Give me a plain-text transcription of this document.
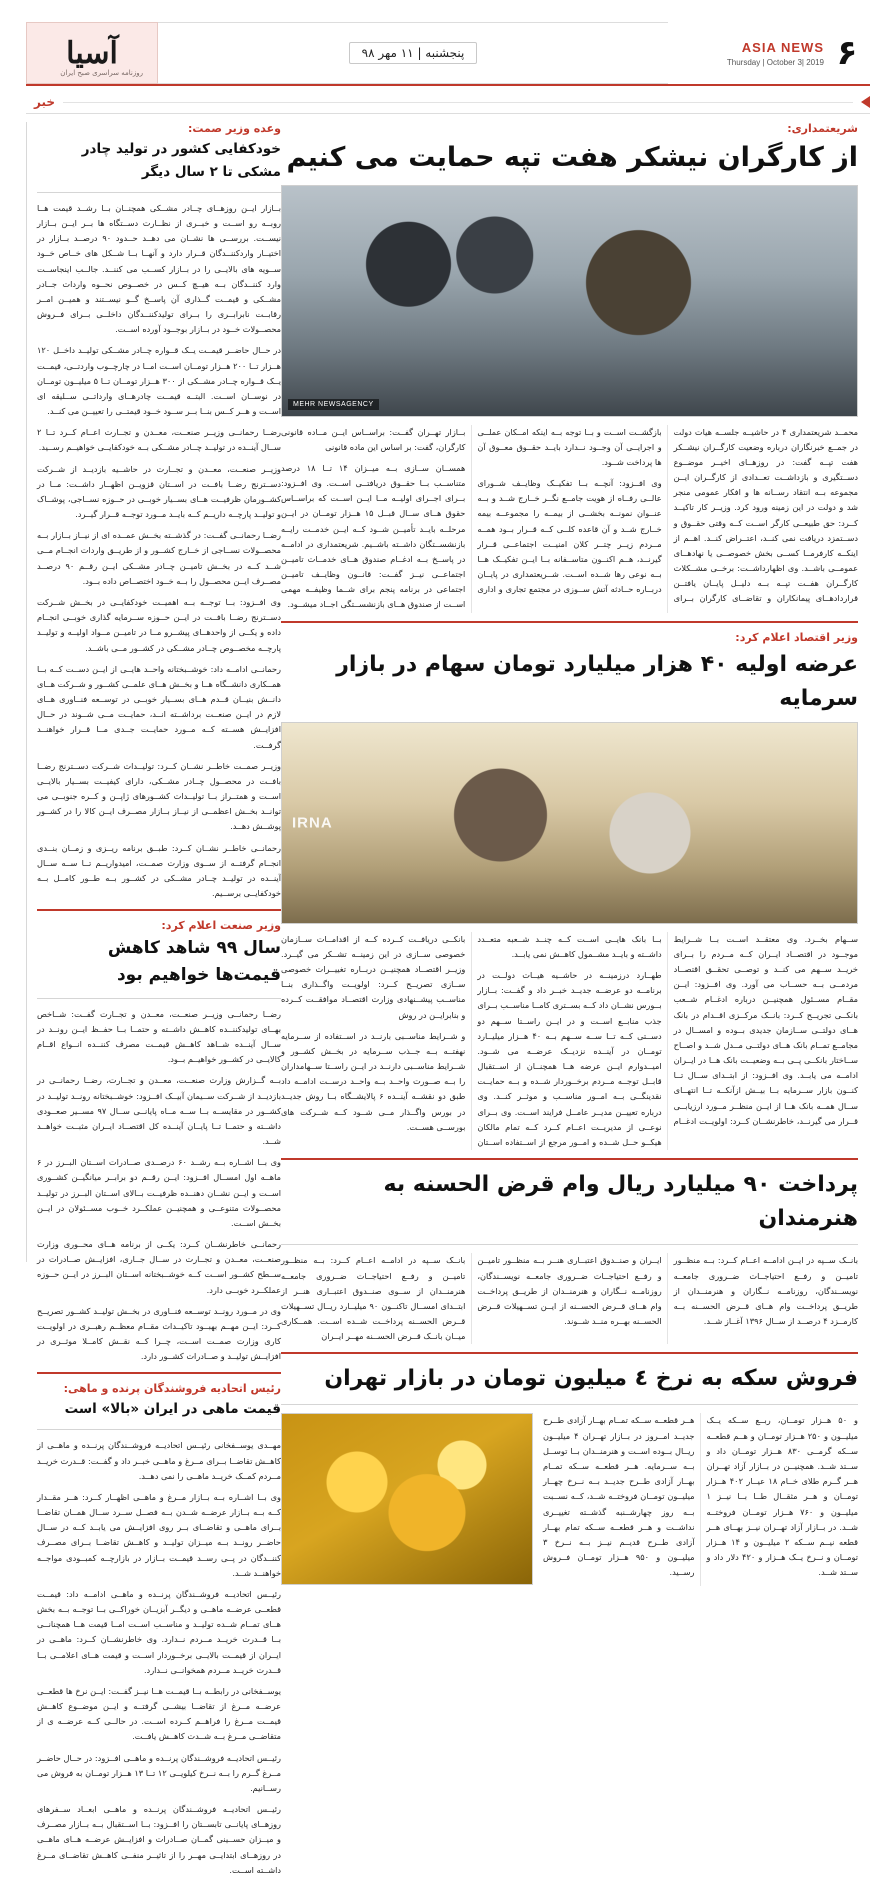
آسیا
روزنامه سراسری صبح ایران
پنجشنبه | ۱۱ مهر ۹۸	ASIA NEWS
Thursday | October 3| 2019 ۶
خبر
وعده وزیر صمت:
خودکفایی کشور در تولید چادر مشکی تا ۲ سال دیگر

بــازار ایــن روزهــای چــادر مشــکی همچنــان بــا رشــد قیمت هــا روبــه رو اســت و خبــری از نظــارت دســتگاه ها بــر ایــن بــازار نیســت. بررســی ها نشــان می دهــد حــدود ۹۰ درصــد بــازار در اختیــار واردکننــدگان قــرار دارد و آنهــا بــا شــکل های خــاص خــود ســویه های بالایــی را در بــازار کســب می کننــد. جالــب اینجاســت وارد کننــدگان بــه هیــچ کــس در خصــوص نحــوه واردات جــادر مشــکی و قیمــت گــذاری آن پاســخ گــو نیســتند و همیــن امــر رقابــت نابرابــری را بــرای تولیدکننــدگان داخلــی بــرای فــروش محصــولات خــود در بــازار بوجــود آورده اســت.

در حــال حاضــر قیمــت یــک قــواره چــادر مشــکی تولیــد داخــل ۱۲۰ هــزار تــا ۲۰۰ هــزار تومــان اســت امــا در چارچــوب واردتــی، قیمــت یــک قــواره چــادر مشــکی از ۳۰۰ هــزار تومــان تــا ۵ میلیــون تومــان در نوســان اســت. البتــه قیمــت چادرهــای وارداتــی ســلیقه ای اســت و هــر کــس بنــا بــر ســود خــود قیمتــی را تعییــن می کنــد.

رضــا رحمانــی وزیــر صنعــت، معــدن و تجــارت اعــام کــرد تــا ۲ ســال آینــده در تولیــد چــادر مشــکی بــه خودکفایــی خواهیــم رســید.

وزیــر صنعــت، معــدن و تجــارت در حاشــیه بازدیــد از شــرکت دســترنج رضــا بافــت در اســتان قزویــن اظهــار داشــت: مــا در کشــورمان ظرفیــت هــای بســیار خوبــی در حــوزه نســاجی، پوشــاک و تولیــد پارچــه داریــم کــه بایــد مــورد توجــه قــرار گیــرد.

رضــا رحمانــی گفــت: در گذشــته بخــش عمــده ای از نیــاز بــازار بــه محصــولات نســاجی از خــارج کشــور و از طریــق واردات انجــام مــی شــد کــه در بخــش تامیــن چــادر مشــکی ایــن رقــم ۹۰ درصــد مصــرف ایــن محصــول را بــه خــود اختصــاص داده بــود.

وی افــزود: بــا توجــه بــه اهمیــت خودکفایــی در بخــش شــرکت دســترنج رضــا بافــت در ایــن حــوزه ســرمایه گذاری خوبــی انجــام داده و یکــی از واحدهــای پیشــرو مــا در تامیــن مــواد اولیــه و تولیــد پارچــه مخصــوص چــادر مشــکی در کشــور مــی باشــد.

رحمانــی ادامــه داد: خوشــبختانه واحــد هایــی از ایــن دســت کــه بــا همــکاری دانشــگاه هــا و بخــش هــای علمــی کشــور و شــرکت هــای دانــش بنیــان قــدم هــای بســیار خوبــی در توســعه فنــاوری هــای لازم در ایــن صنعــت برداشــته انــد، حمایــت مــی شــوند در حــال افزایــش هســته کــه مــورد حمایــت جــدی مــا قــرار خواهنــد گرفــت.

وزیــر صمــت خاطــر نشــان کــرد: تولیــدات شــرکت دســترنج رضــا بافــت در محصــول چــادر مشــکی، دارای کیفیــت بســیار بالایــی اســت و همتــراز بــا تولیــدات کشــورهای ژاپــن و کــره جنوبــی می توانــد بخــش اعظمــی از نیــاز بــازار مصــرف ایــن کالا را در کشــور پوشــش دهــد.

رحمانــی خاطــر نشــان کــرد: طبــق برنامه ریــزی و زمــان بنــدی انجــام گرفتــه از ســوی وزارت صمــت، امیدواریــم تــا ســه ســال آینــده در تولیــد چــادر مشــکی در کشــور بــه طــور کامــل بــه خودکفایــی برســیم.

وزیر صنعت اعلام کرد:
سال ۹۹ شاهد کاهش قیمت‌ها خواهیم بود

رضــا رحمانــی وزیــر صنعــت، معــدن و تجــارت گفــت: شــاخص بهــای تولیدکننــده کاهــش داشــته و حتمــا بــا حفــظ ایــن رونــد در ســال آینــده شــاهد کاهــش قیمــت مصرف کننــده انــواع اقــام کالایــی در کشــور خواهیــم بــود.

بــه گــزارش وزارت صنعــت، معــدن و تجــارت، رضــا رحمانــی در بازدیــد از شــرکت ســیمان آبیــک افــزود: خوشــبختانه رونــد تولیــد در کشــور در مقایســه بــا ســه مــاه پایانــی ســال ۹۷ مســیر صعــودی داشــته و حتمــا تــا پایــان آینــده کل اقتصــاد ایــران مثبــت خواهــد شــد.

وی بــا اشــاره بــه رشــد ۶۰ درصــدی صــادرات اســتان البــرز در ۶ ماهــه اول امســال افــزود: ایــن رقــم دو برابــر میانگیــن کشــوری اســت و ایــن نشــان دهنــده ظرفیــت بــالای اســتان البــرز در تولیــد محصــولات متنوعــی و همچنیــن عملکــرد خــوب مســئولان در ایــن بخــش اســت.

رحمانــی خاطرنشــان کــرد: یکــی از برنامه هــای محــوری وزارت صنعــت، معــدن و تجــارت در ســال جــاری، افزایــش صــادرات در ســطح کشــور اســت کــه خوشــبختانه اســتان البــرز در ایــن حــوزه عملکــرد خوبــی دارد.

وی در مــورد رونــد توســعه فنــاوری در بخــش تولیــد کشــور تصریــح کــرد: ایــن مهــم بهبــود تاکیــدات مقــام معظــم رهبــری در اولویــت کاری وزارت صمــت اســت، چــرا کــه نقــش کامــلا موثــری در افزایــش تولیــد و صــادرات کشــور دارد.

رئیس اتحادیه فروشندگان پرنده و ماهی:
قیمت ماهی در ایران «بالا» است

مهــدی یوســفخانی رئیــس اتحادیــه فروشــندگان پرنــده و ماهــی از کاهــش تقاضــا بــرای مــرغ و ماهــی خبــر داد و گفــت: قــدرت خریــد مــردم کمــک خریــد ماهــی را نمی دهــد.

وی بــا اشــاره بــه بــازار مــرغ و ماهــی اظهــار کــرد: هــر مقــدار کــه بــه بــازار عرضــه شــدن بــه فصــل ســرد ســال همــان تقاضــا بــرای ماهــی و تقاضــای بــر روی افزایــش می یابــد کــه در ســال حاضــر رونــد بــه میــزان تولیــد و کاهــش تقاضــا بــرای مصــرف کننــدگان در پــی رســد قیمــت بــازار در بازارچــه کمبــودی مواجــه خواهنــد شــد.

رئیــس اتحادیــه فروشــندگان پرنــده و ماهــی ادامــه داد: قیمــت قطعــی عرضــه ماهــی و دیگــر آبزیــان خوراکــی بــا توجــه بــه بخش هــای تمــام شــده تولیــد و مناســب اســت امــا قیمت هــا همچنانــی بــا قــدرت خریــد مــردم نــدارد. وی خاطرنشــان کــرد: ماهــی در ایــران از قیمــت بالایــی برخــوردار اســت و قیمت هــای اعلامــی بــا قــدرت خریــد مــردم همخوانــی نــدارد.

یوســفخانی در رابطــه بــا قیمــت هــا نیــز گفــت: ایــن نرخ ها قطعــی عرضــه مــرغ از تقاضــا بیشــی گرفتــه و ایــن موضــوع کاهــش قیمــت مــرغ را فراهــم کــرده اســت. در حالــی کــه عرضــه ی از متقاضــی مــرغ بــه شــدت کاهــش یافــت.

رئیــس اتحادیــه فروشــندگان پرنــده و ماهــی افــزود: در حــال حاضــر مــرغ گــرم را بــه نــرخ کیلویــی ۱۲ تــا ۱۳ هــزار تومــان به فروش می رســانیم.

رئیــس اتحادیــه فروشــندگان پرنــده و ماهــی ابعــاد ســفرهای روزهــای پایانــی تابســتان را افــزود: بــا اســتقبال بــه بــازار مصــرف و میــزان حســینی گمــان صــادرات و افزایــش عرضــه هــای ماهــی در روزهــای ابتدایــی مهــر را از تاثیــر منفــی کاهــش تقاضــای مــرغ داشــته اســت.

شریعتمداری:
از کارگران نیشکر هفت تپه حمایت می کنیم
MEHR NEWSAGENCY

محمــد شریعتمداری ۴ در حاشیــه جلســه هیات دولت در جمــع خبرنگاران درباره وضعیت کارگــران نیشــکر هفت تپــه گفت: در روزهــای اخیــر موضــوع دســتگیری و بازداشــت تعــدادی از کارگــران ایــن مجموعه بــه انتقاد رســانه ها و افکار عمومی منجر شد و دولت در این زمینه ورود کرد. وزیــر کار تاکیــد کــرد: حق طبیعــی کارگر اســت کــه وقتی حقــوق و دســتمزد دریافت نمی کنــد، اعتــراض کنــد. اهــم از اینکــه کارفرمــا کســی بخش خصوصــی یا نهادهــای عمومــی باشــد. وی اظهارداشــت: برخــی مشــکلات کارگــران هفــت تپــه بــه دلیــل پایــان یافتــن قراردادهــای پیمانکاران و تقاضــای کارگران بــرای بازگشــت اســت و بــا توجه بــه اینکه امــکان عملــی و اجرایــی آن وجــود نــدارد بایــد حقــوق معــوق آن ها پرداخت شــود.

وی افــزود: آنچــه بــا تفکیــک وظایــف شــورای عالــی رفــاه از هویت جامــع نگــر خــارج شــد و بــه عنــوان نمونــه بخشــی از بیمــه را مجموعــه بیمه خــارج شــد و آن قاعده کلــی کــه قــرار بــود همــه مــردم زیــر چتــر کلان امنیــت اجتماعــی قــرار گیرنــد، هــم اکنــون متاســفانه بــا ایــن تفکیــک هــا بــه نوعی رها شــده اســت. شــریعتمداری در پایــان دربــاره حــادثه آتش ســوزی در مجتمع تجاری و اداری بــازار تهــران گفــت: براســاس ایــن مــاده قانونی کارگران، گفت: بر اساس این ماده قانونی

همســان ســازی بــه میــزان ۱۴ تــا ۱۸ درصد متناســب بــا حقــوق دریافتــی اســت. وی افــزود: بــرای اجــرای اولیــه مــا ایــن اســت که براســاس حقوق هــای ســال قبــل ۱۵ هــزار تومــان در ایــن مرحلــه بایــد تأمیــن شــود کــه ایــن خدمــت رایــه بازنشســتگان داشــته باشــیم. شریعتمداری در ادامــه در پاســخ بــه ادغــام صندوق هــای خدمــات تامیــن اجتماعــی نیــز گفــت: قانــون وظایــف تامیــن اجتماعی در برنامه پنجم برای شــما وظیفــه مهمی اســت از صندوق هــای بازنشســتگی اجــاد میشــود.

وزیر اقتصاد اعلام کرد:
عرضه اولیه ۴۰ هزار میلیارد تومان سهام در بازار سرمایه
IRNA

ســهام بخــرد. وی معتقــد اســت بــا شــرایط موجــود در اقتصــاد ایــران کــه مــردم را بــرای خریــد ســهم می کنــد و توصــی تحقــق اقتصــاد مردمــی بــه حســاب می آورد. وی افــزود: ایــن مقــام مســئول همچنیــن درباره ادغــام شــعب بانکــی تجریــح کــرد: بانــک مرکــزی اقــدام در بانک هــای دولتــی ســازمان جدیدی بــوده و امســال در مجامــع تمــام بانک هــای دولتــی مــدل شــد و اصــاح ســاختار بانکــی پــی بــه وضعیــت بانک هــا در ایــران ادامــه می یابــد. وی افــزود: از ابتــدای ســال تــا کنــون بازار ســرمایه بــا بیــش ازآنکــه تــا انتهــای ســال همــه بانک هــا از ایــن منظــر مــورد ارزیابــی قــرار می گیرنــد، خاطرنشــان کــرد: اولویــت ادغــام بــا بانک هایــی اســت کــه چنــد شــعبه متعــدد داشــته و بایــد مشــمول کاهــش نمی یابــد.

طهــارد درزمینــه در حاشــیه هیــات دولــت در برنامــه دو عرضــه جدیــد خبــر داد و گفــت: بــازار بــورس نشــان داد کــه بســتری کامــا مناســب بــرای جذب منابــع اســت و در ایــن راســتا ســهم دو دســتی کــه تــا ســه ســهم بــه ۴۰ هــزار میلیــارد تومــان در آینــده نزدیــک عرضــه می شــود. امیــدوارم ایــن عرضه هــا همچنــان از اســتقبال قابــل توجــه مــردم برخــوردار شــده و بــه حمایــت نقدینگــی بــه امــور مناســب و موثــر کنــد. وی درباره تعییــن مدیــر عامــل فرایند اســت. وی بــرای نوعــی از مدیریــت اعــام کــرد کــه تمام مالکان هیکــو حــل شــده و امــور مرجع از اســتفاده اســتان بانکــی دریافــت کــرده کــه از اقدامــات ســازمان خصوصی ســازی در این زمینــه تشــکر می گیــرد. وزیــر اقتصــاد همچنیــن دربــاره تغییــرات خصوصی ســازی تصریــح کــرد: اولویــت واگــذاری بنــا مناســب پیشــنهادی وزارت اقتصــاد موافقــت کــرده و بنابرایــن در روش

و شــرایط مناســبی بارنــد در اســتفاده از ســرمایه نهفتــه بــه جــذب ســرمایه در بخــش کشــور و شــرایط مناســبی دارنــد در ایــن راســتا ســهامداران را بــه صــورت واحــد بــه واحــد درســت ادامــه داد طبق دو نقشــه آینــده ۶ پالایشــگاه بــا روش جدیــد در بورس واگــذار مــی شــود کــه شــرکت های بورســی هســت.

پرداخت ۹۰ میلیارد ریال وام قرض الحسنه به هنرمندان

بانــک ســپه در ایــن ادامــه اعــام کــرد: بــه منظــور تامیــن و رفــع احتیاجــات ضــروری جامعــه نویســندگان، روزنامــه نــگاران و هنرمنــدان از طریــق پرداخــت وام هــای قــرض الحســنه بــه کارمــزد ۴ درصــد از ســال ۱۳۹۶ آغــاز شــد.

ایــران و صنــدوق اعتبــاری هنــر بــه منظــور تامیــن و رفــع احتیاجــات ضــروری جامعــه نویســندگان، روزنامــه نــگاران و هنرمنــدان از طریــق پرداخــت وام هــای قــرض الحســنه از ایــن تســهیلات قــرض الحســنه بهــره منــد شــوند.

بانــک ســپه در ادامــه اعــام کــرد: بــه منظــور تامیــن و رفــع احتیاجــات ضــروری جامعــه هنرمنــدان از ســوی صنــدوق اعتبــاری هنــر از ابتــدای امســال تاکنــون ۹۰ میلیــارد ریــال تســهیلات قــرض الحســنه پرداخــت شــده اســت. همــکاری میــان بانــک قــرض الحســنه مهــر ایــران

فروش سکه به نرخ ٤ میلیون تومان در بازار تهران

و ۵۰ هــزار تومــان، ربــع ســکه یــک میلیــون و ۲۵۰ هــزار تومــان و هــم قطعــه ســکه گرمــی ۸۳۰ هــزار تومــان داد و ســتد شــد. همچنیــن در بــازار آزاد تهــران هــر گــرم طلای خــام ۱۸ عیــار ۴۰۲ هــزار تومــان و هــر مثقــال طــا بــا نیــز ۱ میلیــون و ۷۶۰ هــزار تومــان فروختــه شــد. در بــازار آزاد تهــران نیــز بهــای هــر قطعه نیــم ســکه ۲ میلیــون و ۱۴ هــزار تومــان و نــرخ یــک هــزار و ۴۲۰ دلار داد و ســتد شــد.

هــر قطعــه ســکه تمــام بهــار آزادی طــرح جدیــد امــروز در بــازار تهــران ۴ میلیــون ریــال بــوده اســت و هنرمنــدان بــا توســل بــه ســرمایه. هــر قطعــه ســکه تمــام بهــار آزادی طــرح جدیــد بــه نــرخ چهــار میلیــون تومــان فروختــه شــد، کــه نســبت بــه روز چهارشــنبه گذشــته تغییــری نداشــت و هــر قطعــه ســکه تمام بهــار آزادی طــرح قدیــم نیــز بــه نــرخ ۳ میلیــون و ۹۵۰ هــزار تومــان فــروش رســید.
